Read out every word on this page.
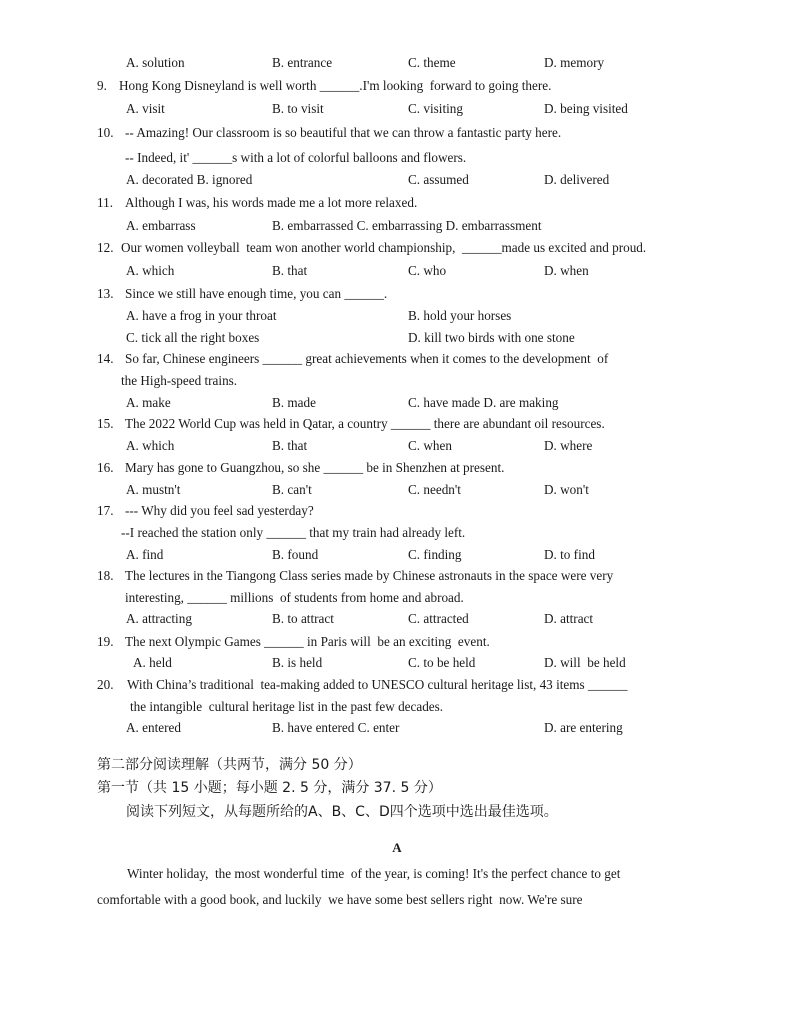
A. solution	B. entrance	C. theme	D. memory
9. Hong Kong Disneyland is well worth ______.I'm looking  forward to going there.
A. visit	B. to visit	C. visiting	D. being visited
10. -- Amazing! Our classroom is so beautiful that we can throw a fantastic party here.
-- Indeed, it' ______s with a lot of colorful balloons and flowers.
A. decorated B. ignored	C. assumed	D. delivered
11. Although I was, his words made me a lot more relaxed.
A. embarrass	B. embarrassed C. embarrassing D. embarrassment
12. Our women volleyball  team won another world championship,  ______made us excited and proud.
A. which	B. that	C. who	D. when
13. Since we still have enough time, you can ______.
A. have a frog in your throat	B. hold your horses
C. tick all the right boxes	D. kill two birds with one stone
14. So far, Chinese engineers ______ great achievements when it comes to the development  of
the High-speed trains.
A. make	B. made	C. have made D. are making
15. The 2022 World Cup was held in Qatar, a country ______ there are abundant oil resources.
A. which	B. that	C. when	D. where
16. Mary has gone to Guangzhou, so she ______ be in Shenzhen at present.
A. mustn't	B. can't	C. needn't	D. won't
17. --- Why did you feel sad yesterday?
--I reached the station only ______ that my train had already left.
A. find	B. found	C. finding	D. to find
18. The lectures in the Tiangong Class series made by Chinese astronauts in the space were very
interesting, ______ millions  of students from home and abroad.
A. attracting	B. to attract	C. attracted	D. attract
19. The next Olympic Games ______ in Paris will  be an exciting  event.
A. held	B. is held	C. to be held	D. will  be held
20. With China’s traditional  tea-making added to UNESCO cultural heritage list, 43 items ______
the intangible  cultural heritage list in the past few decades.
A. entered	B. have entered C. enter	D. are entering
第二部分阅读理解（共两节，满分 50 分）
第一节（共 15 小题；每小题 2. 5 分，满分 37. 5 分）
阅读下列短文，从每题所给的A、B、C、D四个选项中选出最佳选项。
A
Winter holiday,  the most wonderful time  of the year, is coming! It's the perfect chance to get
comfortable with a good book, and luckily  we have some best sellers right  now. We're sure
